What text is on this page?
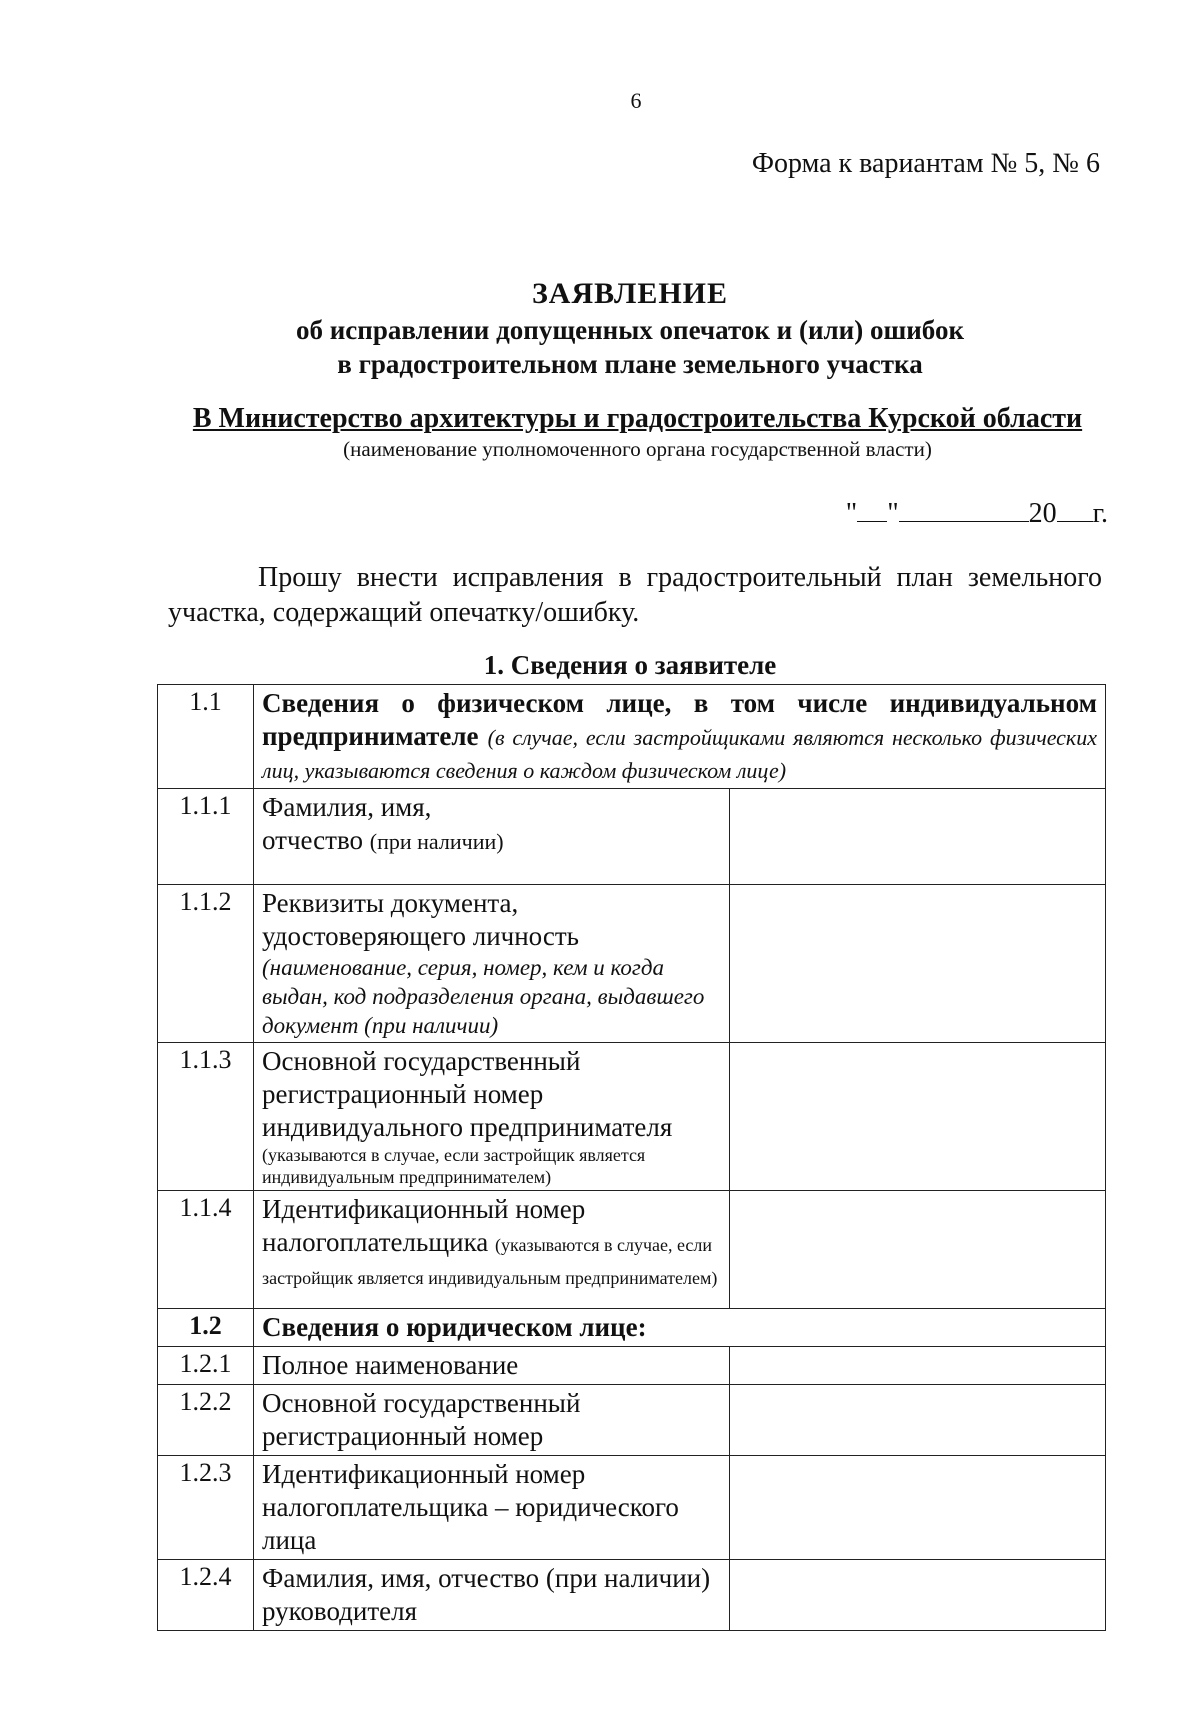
6
Форма к вариантам № 5, № 6
ЗАЯВЛЕНИЕ
об исправлении допущенных опечаток и (или) ошибок
в градостроительном плане земельного участка
В Министерство архитектуры и градостроительства Курской области
(наименование уполномоченного органа государственной власти)
" "	20 г.
Прошу внести исправления в градостроительный план земельного участка, содержащий опечатку/ошибку.
1. Сведения о заявителе
1.1	Сведения о физическом лице, в том числе индивидуальном предпринимателе (в случае, если застройщиками являются несколько физических лиц, указываются сведения о каждом физическом лице)	
1.1.1	Фамилия, имя,
отчество (при наличии)	
1.1.2	Реквизиты документа, удостоверяющего личность
(наименование, серия, номер, кем и когда выдан, код подразделения органа, выдавшего документ (при наличии)	

1.1.3	Основной государственный регистрационный номер индивидуального предпринимателя
(указываются в случае, если застройщик является индивидуальным предпринимателем)	

1.1.4	Идентификационный номер налогоплательщика (указываются в случае, если застройщик является индивидуальным предпринимателем)	
1.2	Сведения о юридическом лице:	
1.2.1	Полное наименование	
1.2.2	Основной государственный регистрационный номер	
1.2.3	Идентификационный номер налогоплательщика – юридического лица	
1.2.4	Фамилия, имя, отчество (при наличии) руководителя	
